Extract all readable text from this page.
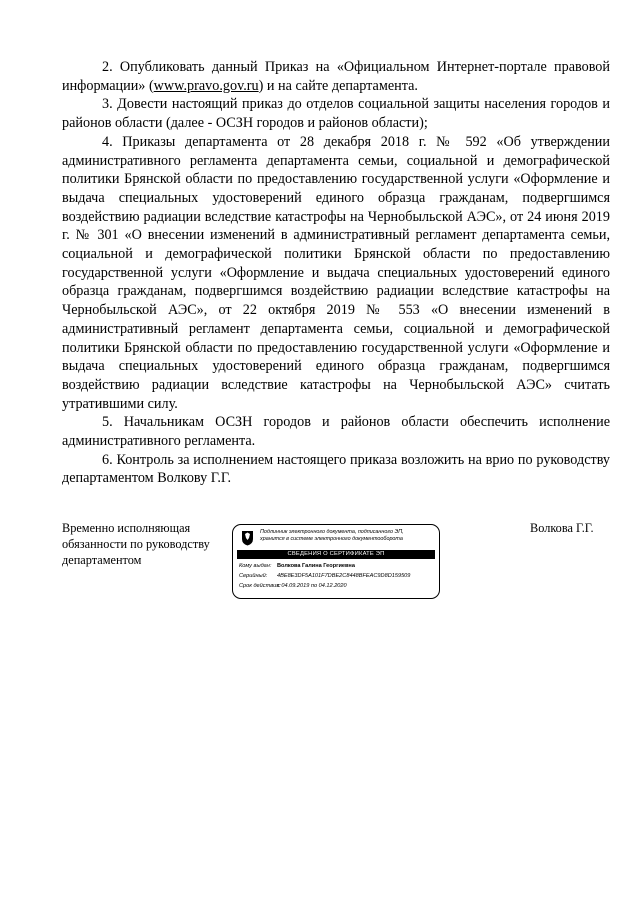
2. Опубликовать данный Приказ на «Официальном Интернет-портале правовой информации» (www.pravo.gov.ru) и на сайте департамента.

3. Довести настоящий приказ до отделов социальной защиты населения городов и районов области (далее - ОСЗН городов и районов области);

4. Приказы департамента от 28 декабря 2018 г. № 592 «Об утверждении административного регламента департамента семьи, социальной и демографической политики Брянской области по предоставлению государственной услуги «Оформление и выдача специальных удостоверений единого образца гражданам, подвергшимся воздействию радиации вследствие катастрофы на Чернобыльской АЭС», от 24 июня 2019 г. № 301 «О внесении изменений в административный регламент департамента семьи, социальной и демографической политики Брянской области по предоставлению государственной услуги «Оформление и выдача специальных удостоверений единого образца гражданам, подвергшимся воздействию радиации вследствие катастрофы на Чернобыльской АЭС», от 22 октября 2019 № 553 «О внесении изменений в административный регламент департамента семьи, социальной и демографической политики Брянской области по предоставлению государственной услуги «Оформление и выдача специальных удостоверений единого образца гражданам, подвергшимся воздействию радиации вследствие катастрофы на Чернобыльской АЭС» считать утратившими силу.

5. Начальникам ОСЗН городов и районов области обеспечить исполнение административного регламента.

6. Контроль за исполнением настоящего приказа возложить на врио по руководству департаментом Волкову Г.Г.

Временно исполняющая
обязанности по руководству
департаментом
Подлинник электронного документа, подписанного ЭП,
хранится в системе электронного документооборота
СВЕДЕНИЯ О СЕРТИФИКАТЕ ЭП
Кому выдан: Волкова Галина Георгиевна
Серийный: 4BE8E3DF5A101F7DBE2C8448BFEAC9D8D159509
Срок действия:с 04.09.2019 по 04.12.2020
Волкова Г.Г.
